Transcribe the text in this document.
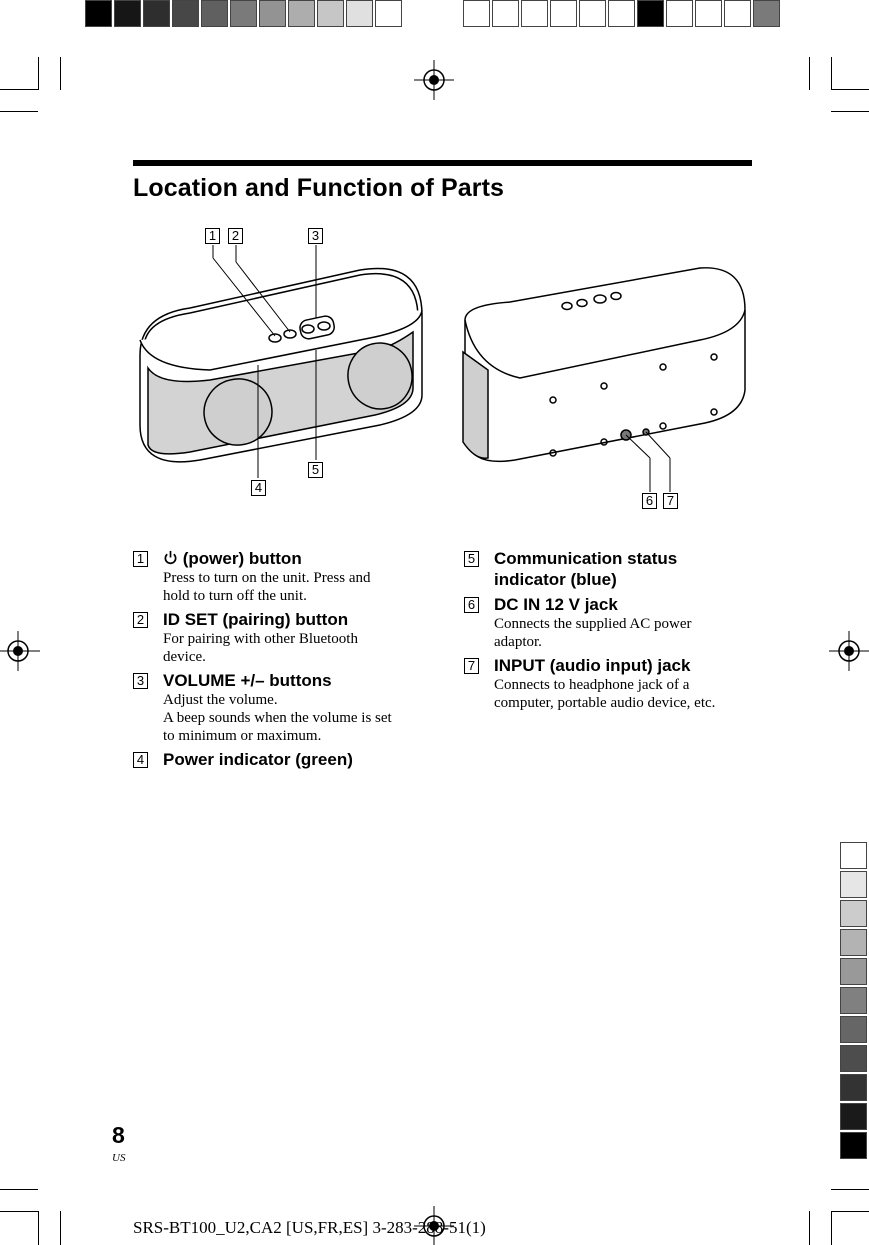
Location and Function of Parts
1 2	3
4
5
6 7
1	(power) button
Press to turn on the unit. Press and
hold to turn off the unit.
2 ID SET (pairing) button
For pairing with other Bluetooth
device.
3 VOLUME +/– buttons
Adjust the volume.
A beep sounds when the volume is set
to minimum or maximum.
4 Power indicator (green)
5 Communication status
indicator (blue)
6 DC IN 12 V jack
Connects the supplied AC power
adaptor.
7 INPUT (audio input) jack
Connects to headphone jack of a
computer, portable audio device, etc.
8
US
SRS-BT100_U2,CA2 [US,FR,ES] 3-283-288-51(1)
